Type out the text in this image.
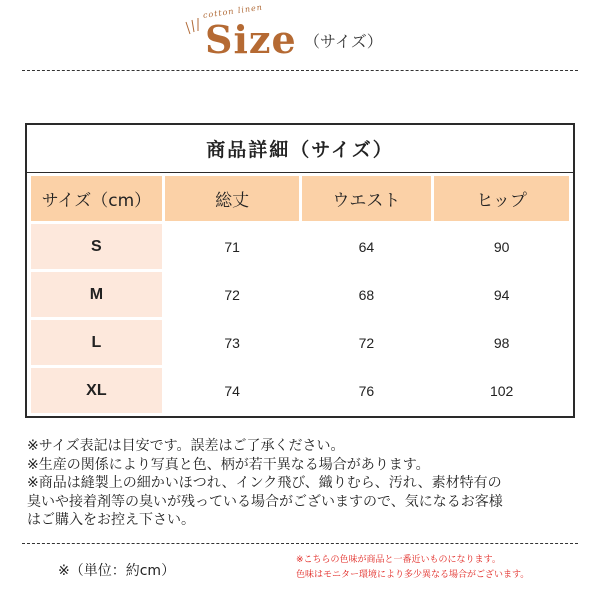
cotton linen
Size （サイズ）
商品詳細（サイズ）
サイズ（cm）	総丈	ウエスト	ヒップ
S	71	64	90
M	72	68	94
L	73	72	98
XL	74	76	102
※サイズ表記は目安です。誤差はご了承ください。
※生産の関係により写真と色、柄が若干異なる場合があります。
※商品は縫製上の細かいほつれ、インク飛び、織りむら、汚れ、素材特有の
臭いや接着剤等の臭いが残っている場合がございますので、気になるお客様
はご購入をお控え下さい。
※（単位：約cm）
※こちらの色味が商品と一番近いものになります。
色味はモニター環境により多少異なる場合がございます。
